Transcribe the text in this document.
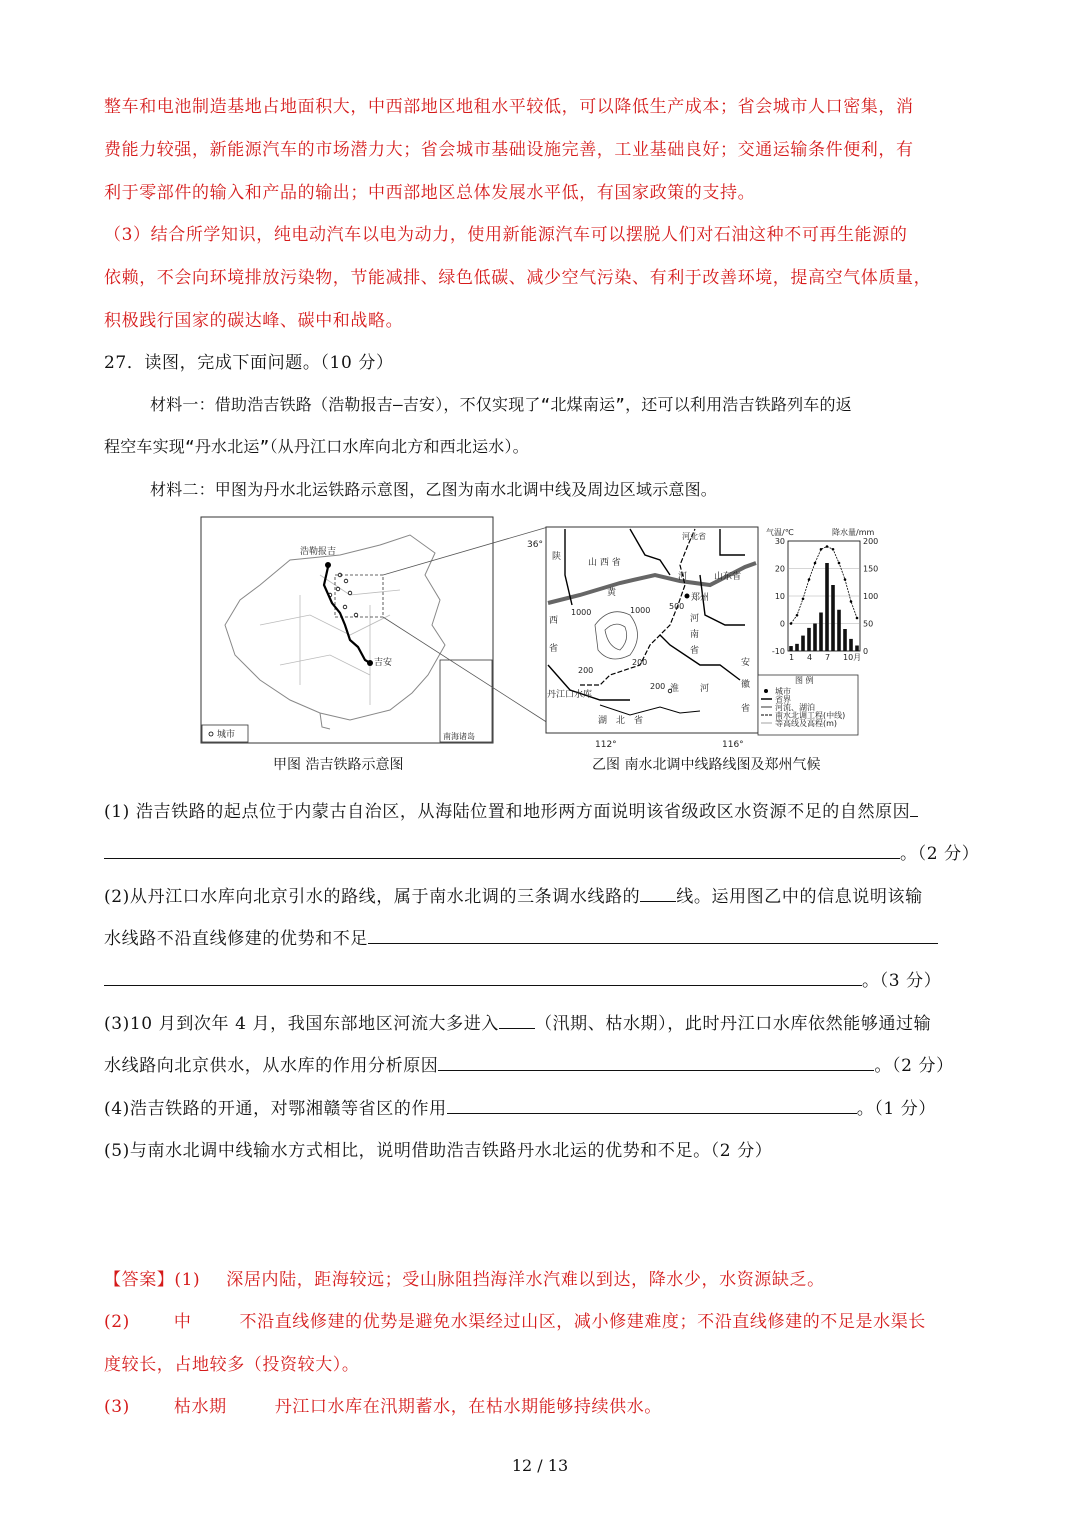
整车和电池制造基地占地面积大，中西部地区地租水平较低，可以降低生产成本；省会城市人口密集，消
费能力较强，新能源汽车的市场潜力大；省会城市基础设施完善，工业基础良好；交通运输条件便利，有
利于零部件的输入和产品的输出；中西部地区总体发展水平低，有国家政策的支持。
（3）结合所学知识，纯电动汽车以电为动力，使用新能源汽车可以摆脱人们对石油这种不可再生能源的
依赖，不会向环境排放污染物，节能减排、绿色低碳、减少空气污染、有利于改善环境，提高空气体质量，
积极践行国家的碳达峰、碳中和战略。
27．读图，完成下面问题。（10 分）
材料一：借助浩吉铁路（浩勒报吉—吉安），不仅实现了“北煤南运”，还可以利用浩吉铁路列车的返
程空车实现“丹水北运”（从丹江口水库向北方和西北运水）。
材料二：甲图为丹水北运铁路示意图，乙图为南水北调中线及周边区域示意图。
浩勒报吉
吉安
南海诸岛
城市
36°
112°	116°
陕
西
省
山 西 省
河北省
山东省
黄
河
河
南
省
安
徽
省
湖　北　省
郑州
丹江口水库
淮 河
1000	1000 500
200
200
200
气温/℃	降水量/mm
30
20
10
0
-10
200
150
100
50
0
1 4 7 10月
图 例
城市
省界
河流、湖泊
南水北调工程(中线)
等高线及高程(m)
甲图 浩吉铁路示意图	乙图 南水北调中线路线图及郑州气候
(1) 浩吉铁路的起点位于内蒙古自治区，从海陆位置和地形两方面说明该省级政区水资源不足的自然原因
。（2 分）
(2)从丹江口水库向北京引水的路线，属于南水北调的三条调水线路的 线。运用图乙中的信息说明该输
水线路不沿直线修建的优势和不足
。（3 分）
(3)10 月到次年 4 月，我国东部地区河流大多进入 （汛期、枯水期），此时丹江口水库依然能够通过输
水线路向北京供水，从水库的作用分析原因	。（2 分）
(4)浩吉铁路的开通，对鄂湘赣等省区的作用	。（1 分）
(5)与南水北调中线输水方式相比，说明借助浩吉铁路丹水北运的优势和不足。（2 分）
【答案】(1) 深居内陆，距海较远；受山脉阻挡海洋水汽难以到达，降水少，水资源缺乏。
(2)	中	不沿直线修建的优势是避免水渠经过山区，减小修建难度；不沿直线修建的不足是水渠长
度较长，占地较多（投资较大）。
(3)	枯水期	丹江口水库在汛期蓄水，在枯水期能够持续供水。
12 / 13
